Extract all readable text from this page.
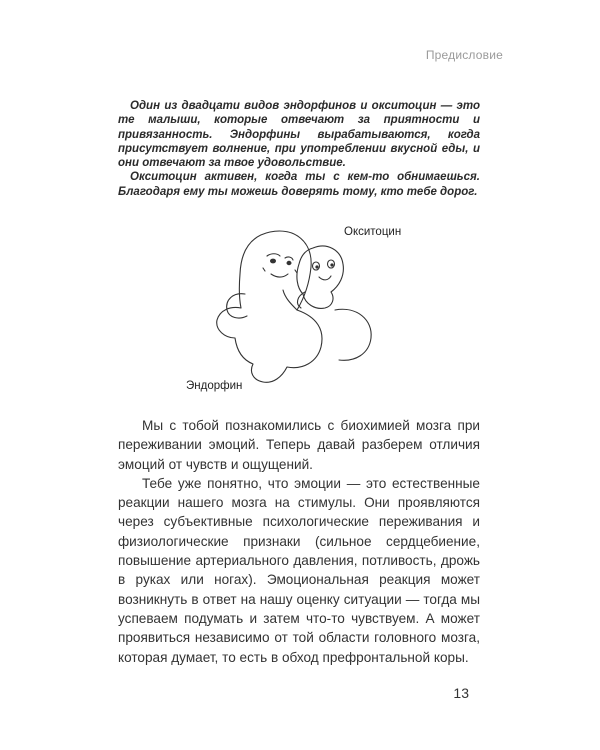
Предисловие

Один из двадцати видов эндорфинов и окситоцин — это те малыши, которые отвечают за приятности и привязанность. Эндорфины вырабатываются, когда присутствует волнение, при употреблении вкусной еды, и они отвечают за твое удовольствие.

Окситоцин активен, когда ты с кем-то обнимаешься. Благодаря ему ты можешь доверять тому, кто тебе дорог.

Окситоцин
Эндорфин

Мы с тобой познакомились с биохимией мозга при переживании эмоций. Теперь давай разберем отличия эмоций от чувств и ощущений.

Тебе уже понятно, что эмоции — это естественные реакции нашего мозга на стимулы. Они проявляются через субъективные психологические переживания и физиологические признаки (сильное сердцебиение, повышение артериального давления, потливость, дрожь в руках или ногах). Эмоциональная реакция может возникнуть в ответ на нашу оценку ситуации — тогда мы успеваем подумать и затем что-то чувствуем. А может проявиться независимо от той области головного мозга, которая думает, то есть в обход префронтальной коры.

13
